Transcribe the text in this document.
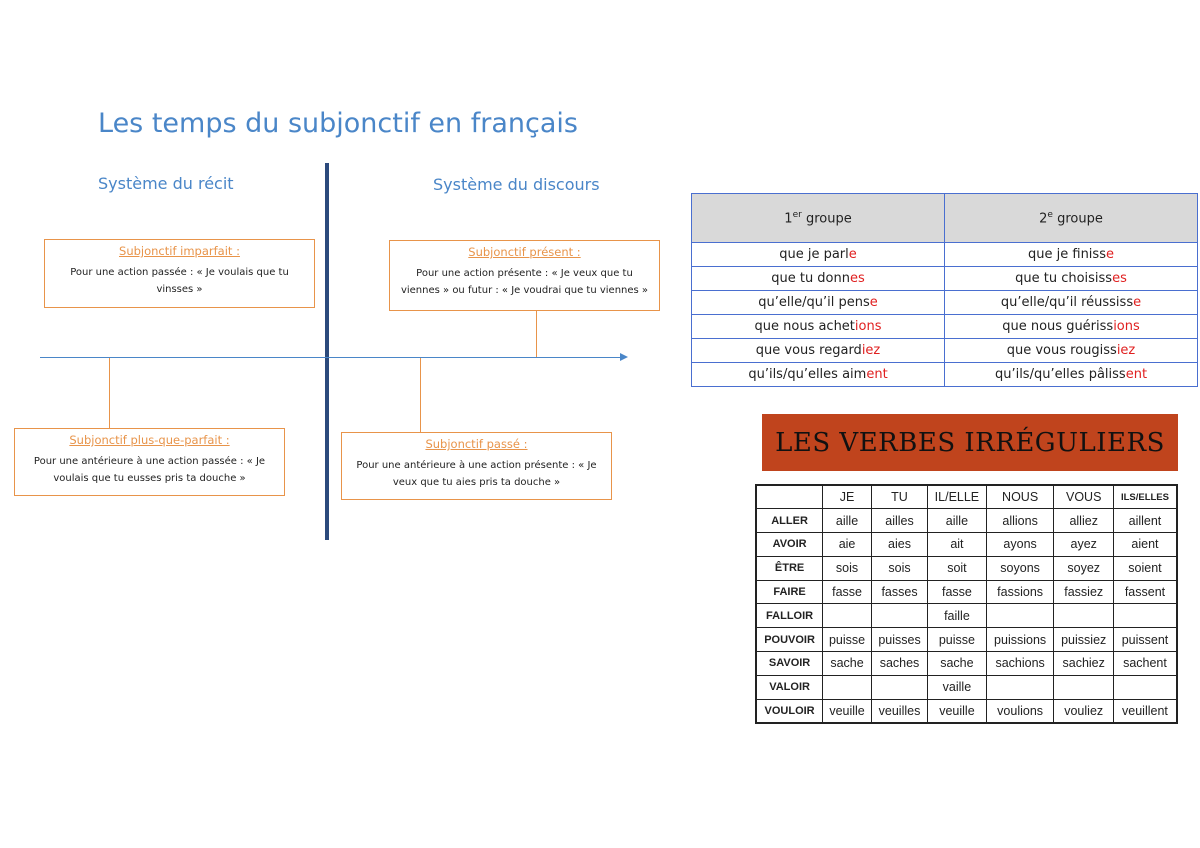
Les temps du subjonctif en français
Système du récit	Système du discours
Subjonctif imparfait :
Pour une action passée : « Je voulais que tu
vinsses »
Subjonctif présent :
Pour une action présente : « Je veux que tu
viennes » ou futur : « Je voudrai que tu viennes »
Subjonctif plus-que-parfait :
Pour une antérieure à une action passée : « Je
voulais que tu eusses pris ta douche »
Subjonctif passé :
Pour une antérieure à une action présente : « Je
veux que tu aies pris ta douche »
1er groupe	2e groupe
que je parle	que je finisse
que tu donnes	que tu choisisses
qu’elle/qu’il pense	qu’elle/qu’il réussisse
que nous achetions	que nous guérissions
que vous regardiez	que vous rougissiez
qu’ils/qu’elles aiment	qu’ils/qu’elles pâlissent
LES VERBES IRRÉGULIERS
	JE	TU	IL/ELLE	NOUS	VOUS	ILS/ELLES
ALLER	aille	ailles	aille	allions	alliez	aillent
AVOIR	aie	aies	ait	ayons	ayez	aient
ÊTRE	sois	sois	soit	soyons	soyez	soient
FAIRE	fasse	fasses	fasse	fassions	fassiez	fassent
FALLOIR			faille			
POUVOIR	puisse	puisses	puisse	puissions	puissiez	puissent
SAVOIR	sache	saches	sache	sachions	sachiez	sachent
VALOIR			vaille			
VOULOIR	veuille	veuilles	veuille	voulions	vouliez	veuillent
